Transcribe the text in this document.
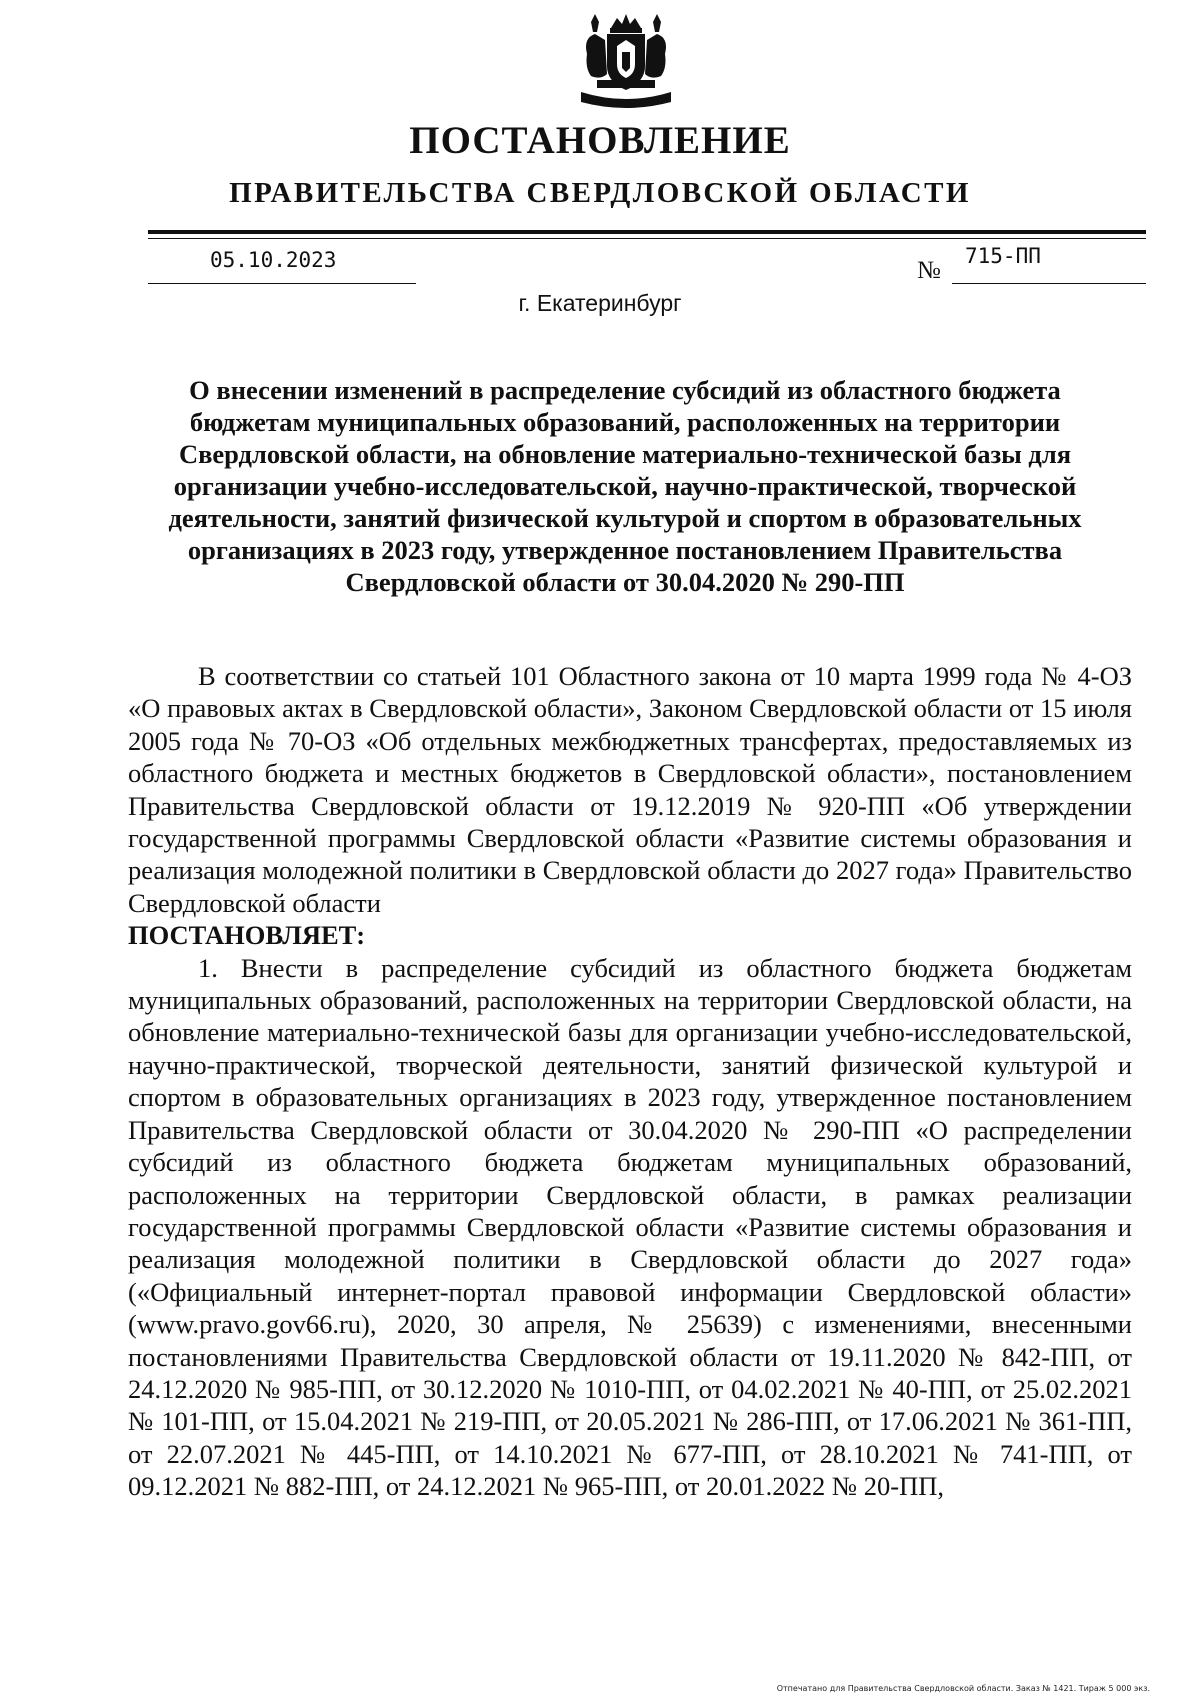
ПОСТАНОВЛЕНИЕ
ПРАВИТЕЛЬСТВА СВЕРДЛОВСКОЙ ОБЛАСТИ
05.10.2023	№
715-ПП
г. Екатеринбург
О внесении изменений в распределение субсидий из областного бюджета бюджетам муниципальных образований, расположенных на территории Свердловской области, на обновление материально-технической базы для организации учебно-исследовательской, научно-практической, творческой деятельности, занятий физической культурой и спортом в образовательных организациях в 2023 году, утвержденное постановлением Правительства Свердловской области от 30.04.2020 № 290-ПП

В соответствии со статьей 101 Областного закона от 10 марта 1999 года № 4-ОЗ «О правовых актах в Свердловской области», Законом Свердловской области от 15 июля 2005 года № 70-ОЗ «Об отдельных межбюджетных трансфертах, предоставляемых из областного бюджета и местных бюджетов в Свердловской области», постановлением Правительства Свердловской области от 19.12.2019 № 920-ПП «Об утверждении государственной программы Свердловской области «Развитие системы образования и реализация молодежной политики в Свердловской области до 2027 года» Правительство Свердловской области

ПОСТАНОВЛЯЕТ:

1. Внести в распределение субсидий из областного бюджета бюджетам муниципальных образований, расположенных на территории Свердловской области, на обновление материально-технической базы для организации учебно-исследовательской, научно-практической, творческой деятельности, занятий физической культурой и спортом в образовательных организациях в 2023 году, утвержденное постановлением Правительства Свердловской области от 30.04.2020 № 290-ПП «О распределении субсидий из областного бюджета бюджетам муниципальных образований, расположенных на территории Свердловской области, в рамках реализации государственной программы Свердловской области «Развитие системы образования и реализация молодежной политики в Свердловской области до 2027 года» («Официальный интернет-портал правовой информации Свердловской области» (www.pravo.gov66.ru), 2020, 30 апреля, № 25639) с изменениями, внесенными постановлениями Правительства Свердловской области от 19.11.2020 № 842-ПП, от 24.12.2020 № 985-ПП, от 30.12.2020 № 1010-ПП, от 04.02.2021 № 40-ПП, от 25.02.2021 № 101-ПП, от 15.04.2021 № 219-ПП, от 20.05.2021 № 286-ПП, от 17.06.2021 № 361-ПП, от 22.07.2021 № 445-ПП, от 14.10.2021 № 677-ПП, от 28.10.2021 № 741-ПП, от 09.12.2021 № 882-ПП, от 24.12.2021 № 965-ПП, от 20.01.2022 № 20-ПП,

Отпечатано для Правительства Свердловской области. Заказ № 1421. Тираж 5 000 экз.
